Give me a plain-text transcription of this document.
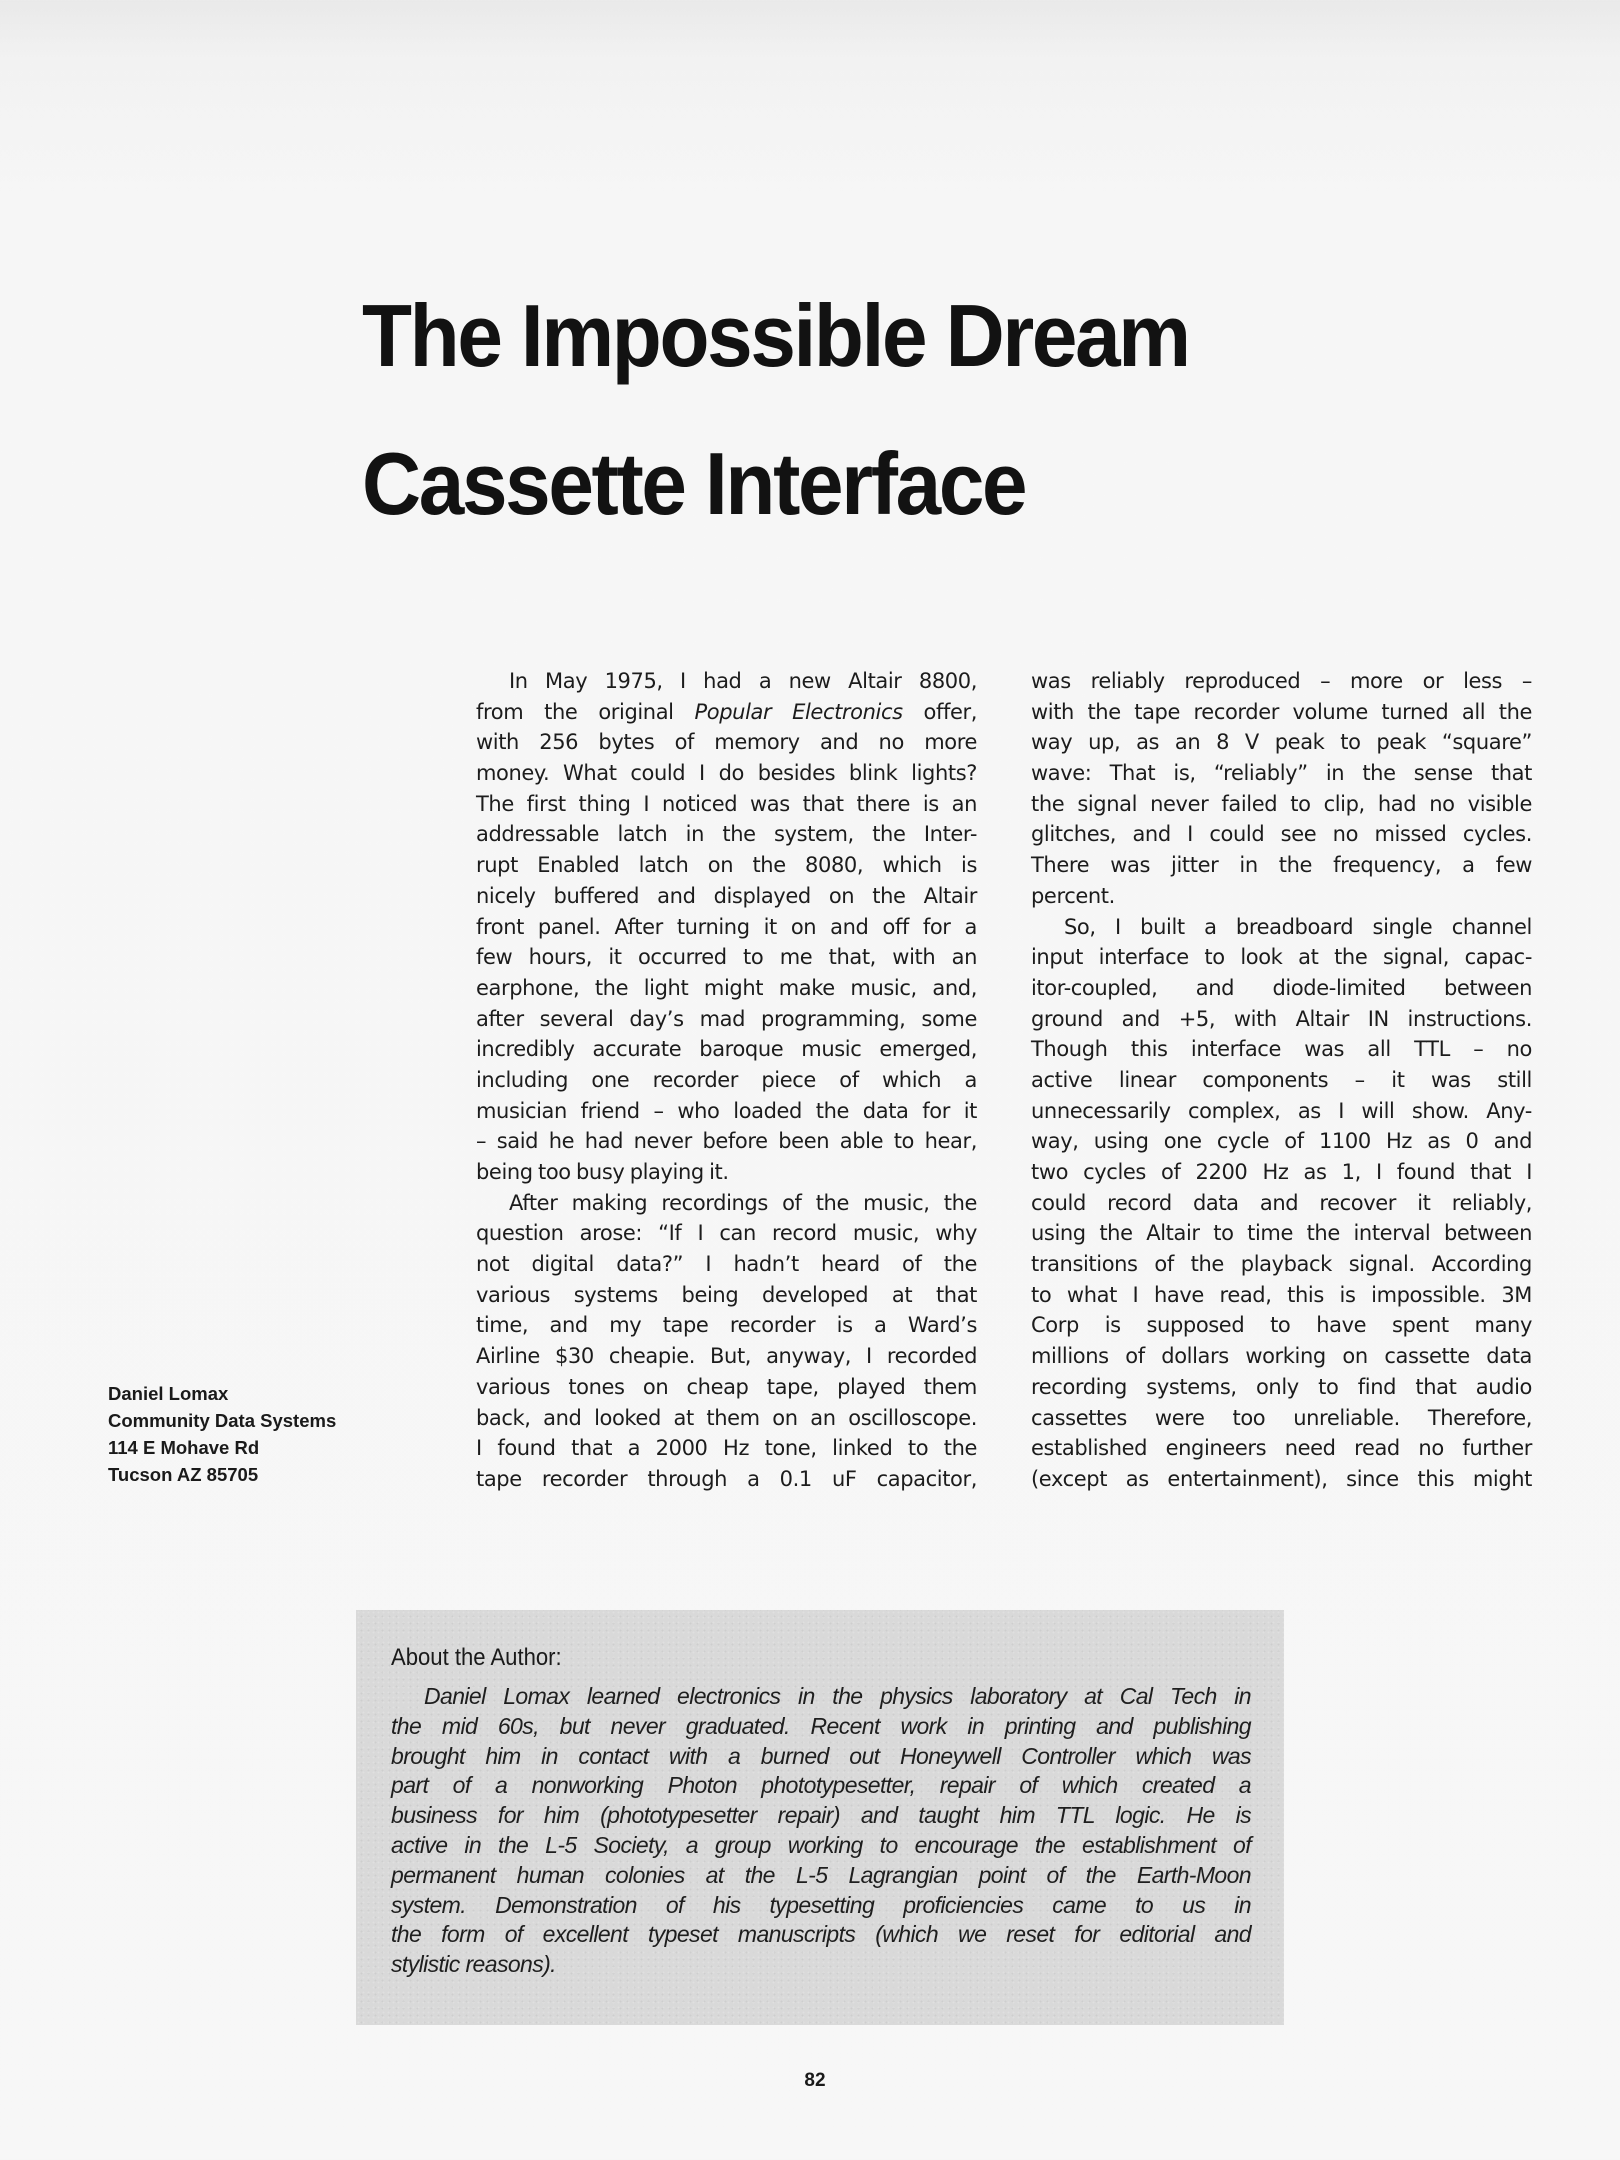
The Impossible Dream
Cassette Interface
Daniel Lomax
Community Data Systems
114 E Mohave Rd
Tucson AZ 85705
In May 1975, I had a new Altair 8800,
from the original Popular Electronics offer,
with 256 bytes of memory and no more
money. What could I do besides blink lights?
The first thing I noticed was that there is an
addressable latch in the system, the Inter-
rupt Enabled latch on the 8080, which is
nicely buffered and displayed on the Altair
front panel. After turning it on and off for a
few hours, it occurred to me that, with an
earphone, the light might make music, and,
after several day’s mad programming, some
incredibly accurate baroque music emerged,
including one recorder piece of which a
musician friend – who loaded the data for it
– said he had never before been able to hear,
being too busy playing it.
After making recordings of the music, the
question arose: “If I can record music, why
not digital data?” I hadn’t heard of the
various systems being developed at that
time, and my tape recorder is a Ward’s
Airline $30 cheapie. But, anyway, I recorded
various tones on cheap tape, played them
back, and looked at them on an oscilloscope.
I found that a 2000 Hz tone, linked to the
tape recorder through a 0.1 uF capacitor,
was reliably reproduced – more or less –
with the tape recorder volume turned all the
way up, as an 8 V peak to peak “square”
wave: That is, “reliably” in the sense that
the signal never failed to clip, had no visible
glitches, and I could see no missed cycles.
There was jitter in the frequency, a few
percent.
So, I built a breadboard single channel
input interface to look at the signal, capac-
itor-coupled, and diode-limited between
ground and +5, with Altair IN instructions.
Though this interface was all TTL – no
active linear components – it was still
unnecessarily complex, as I will show. Any-
way, using one cycle of 1100 Hz as 0 and
two cycles of 2200 Hz as 1, I found that I
could record data and recover it reliably,
using the Altair to time the interval between
transitions of the playback signal. According
to what I have read, this is impossible. 3M
Corp is supposed to have spent many
millions of dollars working on cassette data
recording systems, only to find that audio
cassettes were too unreliable. Therefore,
established engineers need read no further
(except as entertainment), since this might
About the Author:
Daniel Lomax learned electronics in the physics laboratory at Cal Tech in
the mid 60s, but never graduated. Recent work in printing and publishing
brought him in contact with a burned out Honeywell Controller which was
part of a nonworking Photon phototypesetter, repair of which created a
business for him (phototypesetter repair) and taught him TTL logic. He is
active in the L-5 Society, a group working to encourage the establishment of
permanent human colonies at the L-5 Lagrangian point of the Earth-Moon
system. Demonstration of his typesetting proficiencies came to us in
the form of excellent typeset manuscripts (which we reset for editorial and
stylistic reasons).
82
